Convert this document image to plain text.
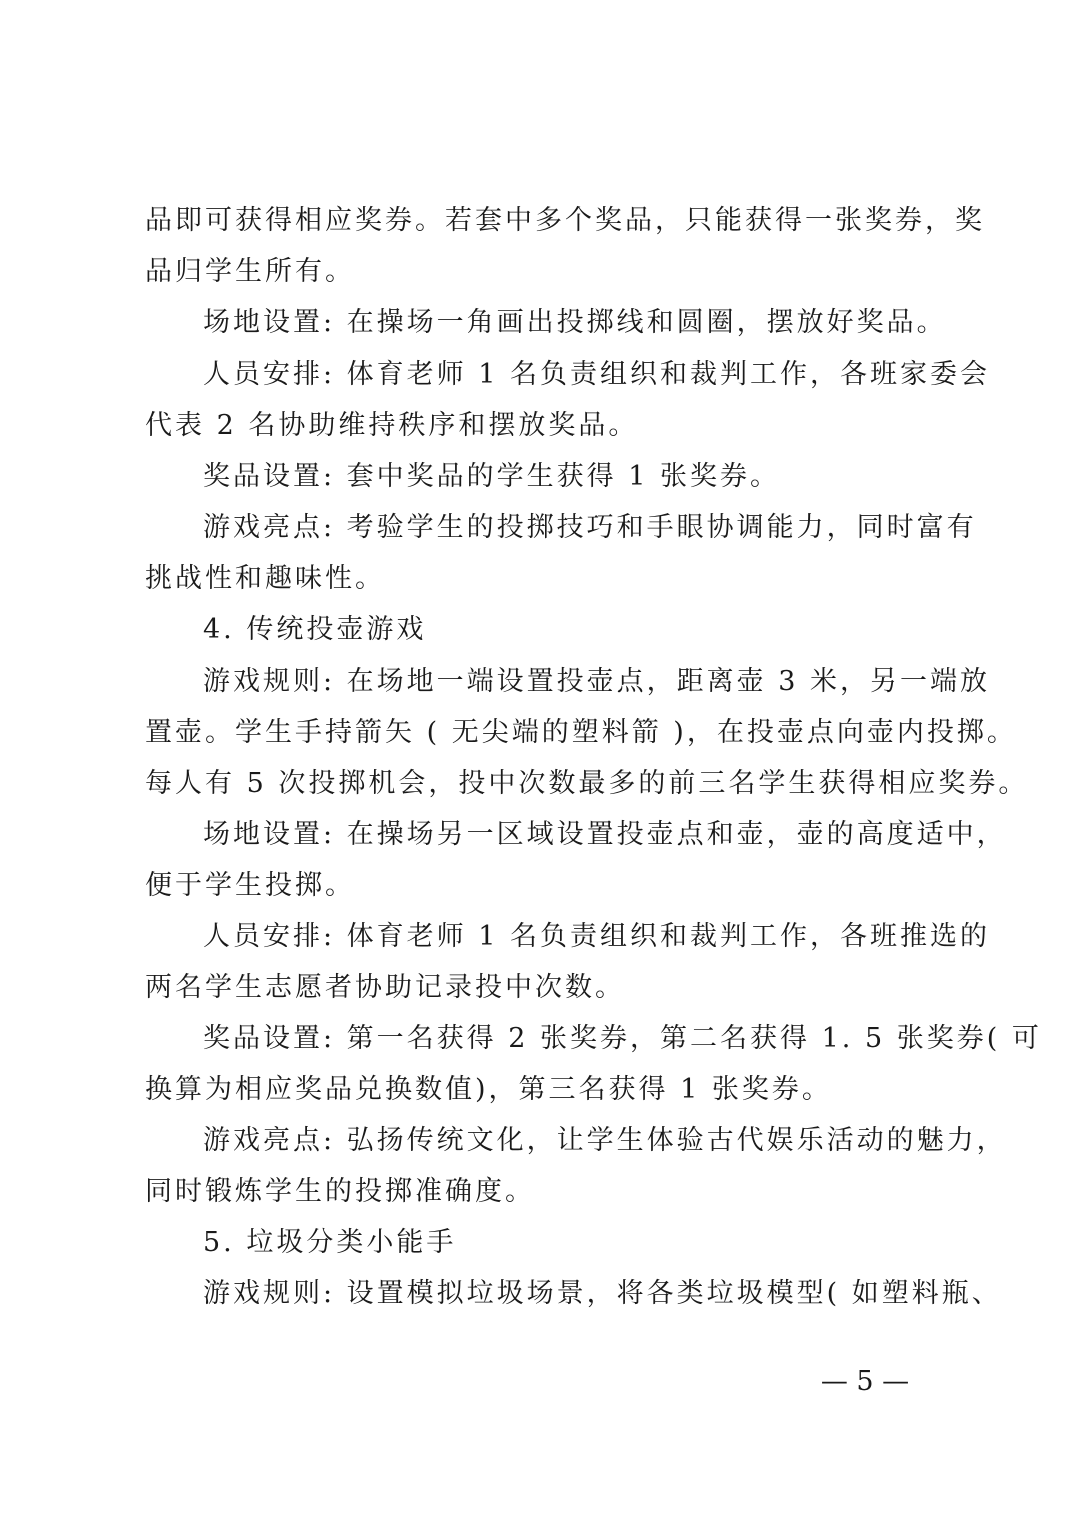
品即可获得相应奖券。若套中多个奖品，只能获得一张奖券，奖
品归学生所有。
场地设置: 在操场一角画出投掷线和圆圈，摆放好奖品。
人员安排: 体育老师 1 名负责组织和裁判工作，各班家委会
代表 2 名协助维持秩序和摆放奖品。
奖品设置: 套中奖品的学生获得 1 张奖券。
游戏亮点: 考验学生的投掷技巧和手眼协调能力，同时富有
挑战性和趣味性。
4. 传统投壶游戏
游戏规则: 在场地一端设置投壶点，距离壶 3 米，另一端放
置壶。学生手持箭矢 ( 无尖端的塑料箭 )，在投壶点向壶内投掷。
每人有 5 次投掷机会，投中次数最多的前三名学生获得相应奖券。
场地设置: 在操场另一区域设置投壶点和壶，壶的高度适中，
便于学生投掷。
人员安排: 体育老师 1 名负责组织和裁判工作，各班推选的
两名学生志愿者协助记录投中次数。
奖品设置: 第一名获得 2 张奖券，第二名获得 1. 5 张奖券( 可
换算为相应奖品兑换数值)，第三名获得 1 张奖券。
游戏亮点: 弘扬传统文化，让学生体验古代娱乐活动的魅力，
同时锻炼学生的投掷准确度。
5. 垃圾分类小能手
游戏规则: 设置模拟垃圾场景，将各类垃圾模型( 如塑料瓶、
— 5 —
